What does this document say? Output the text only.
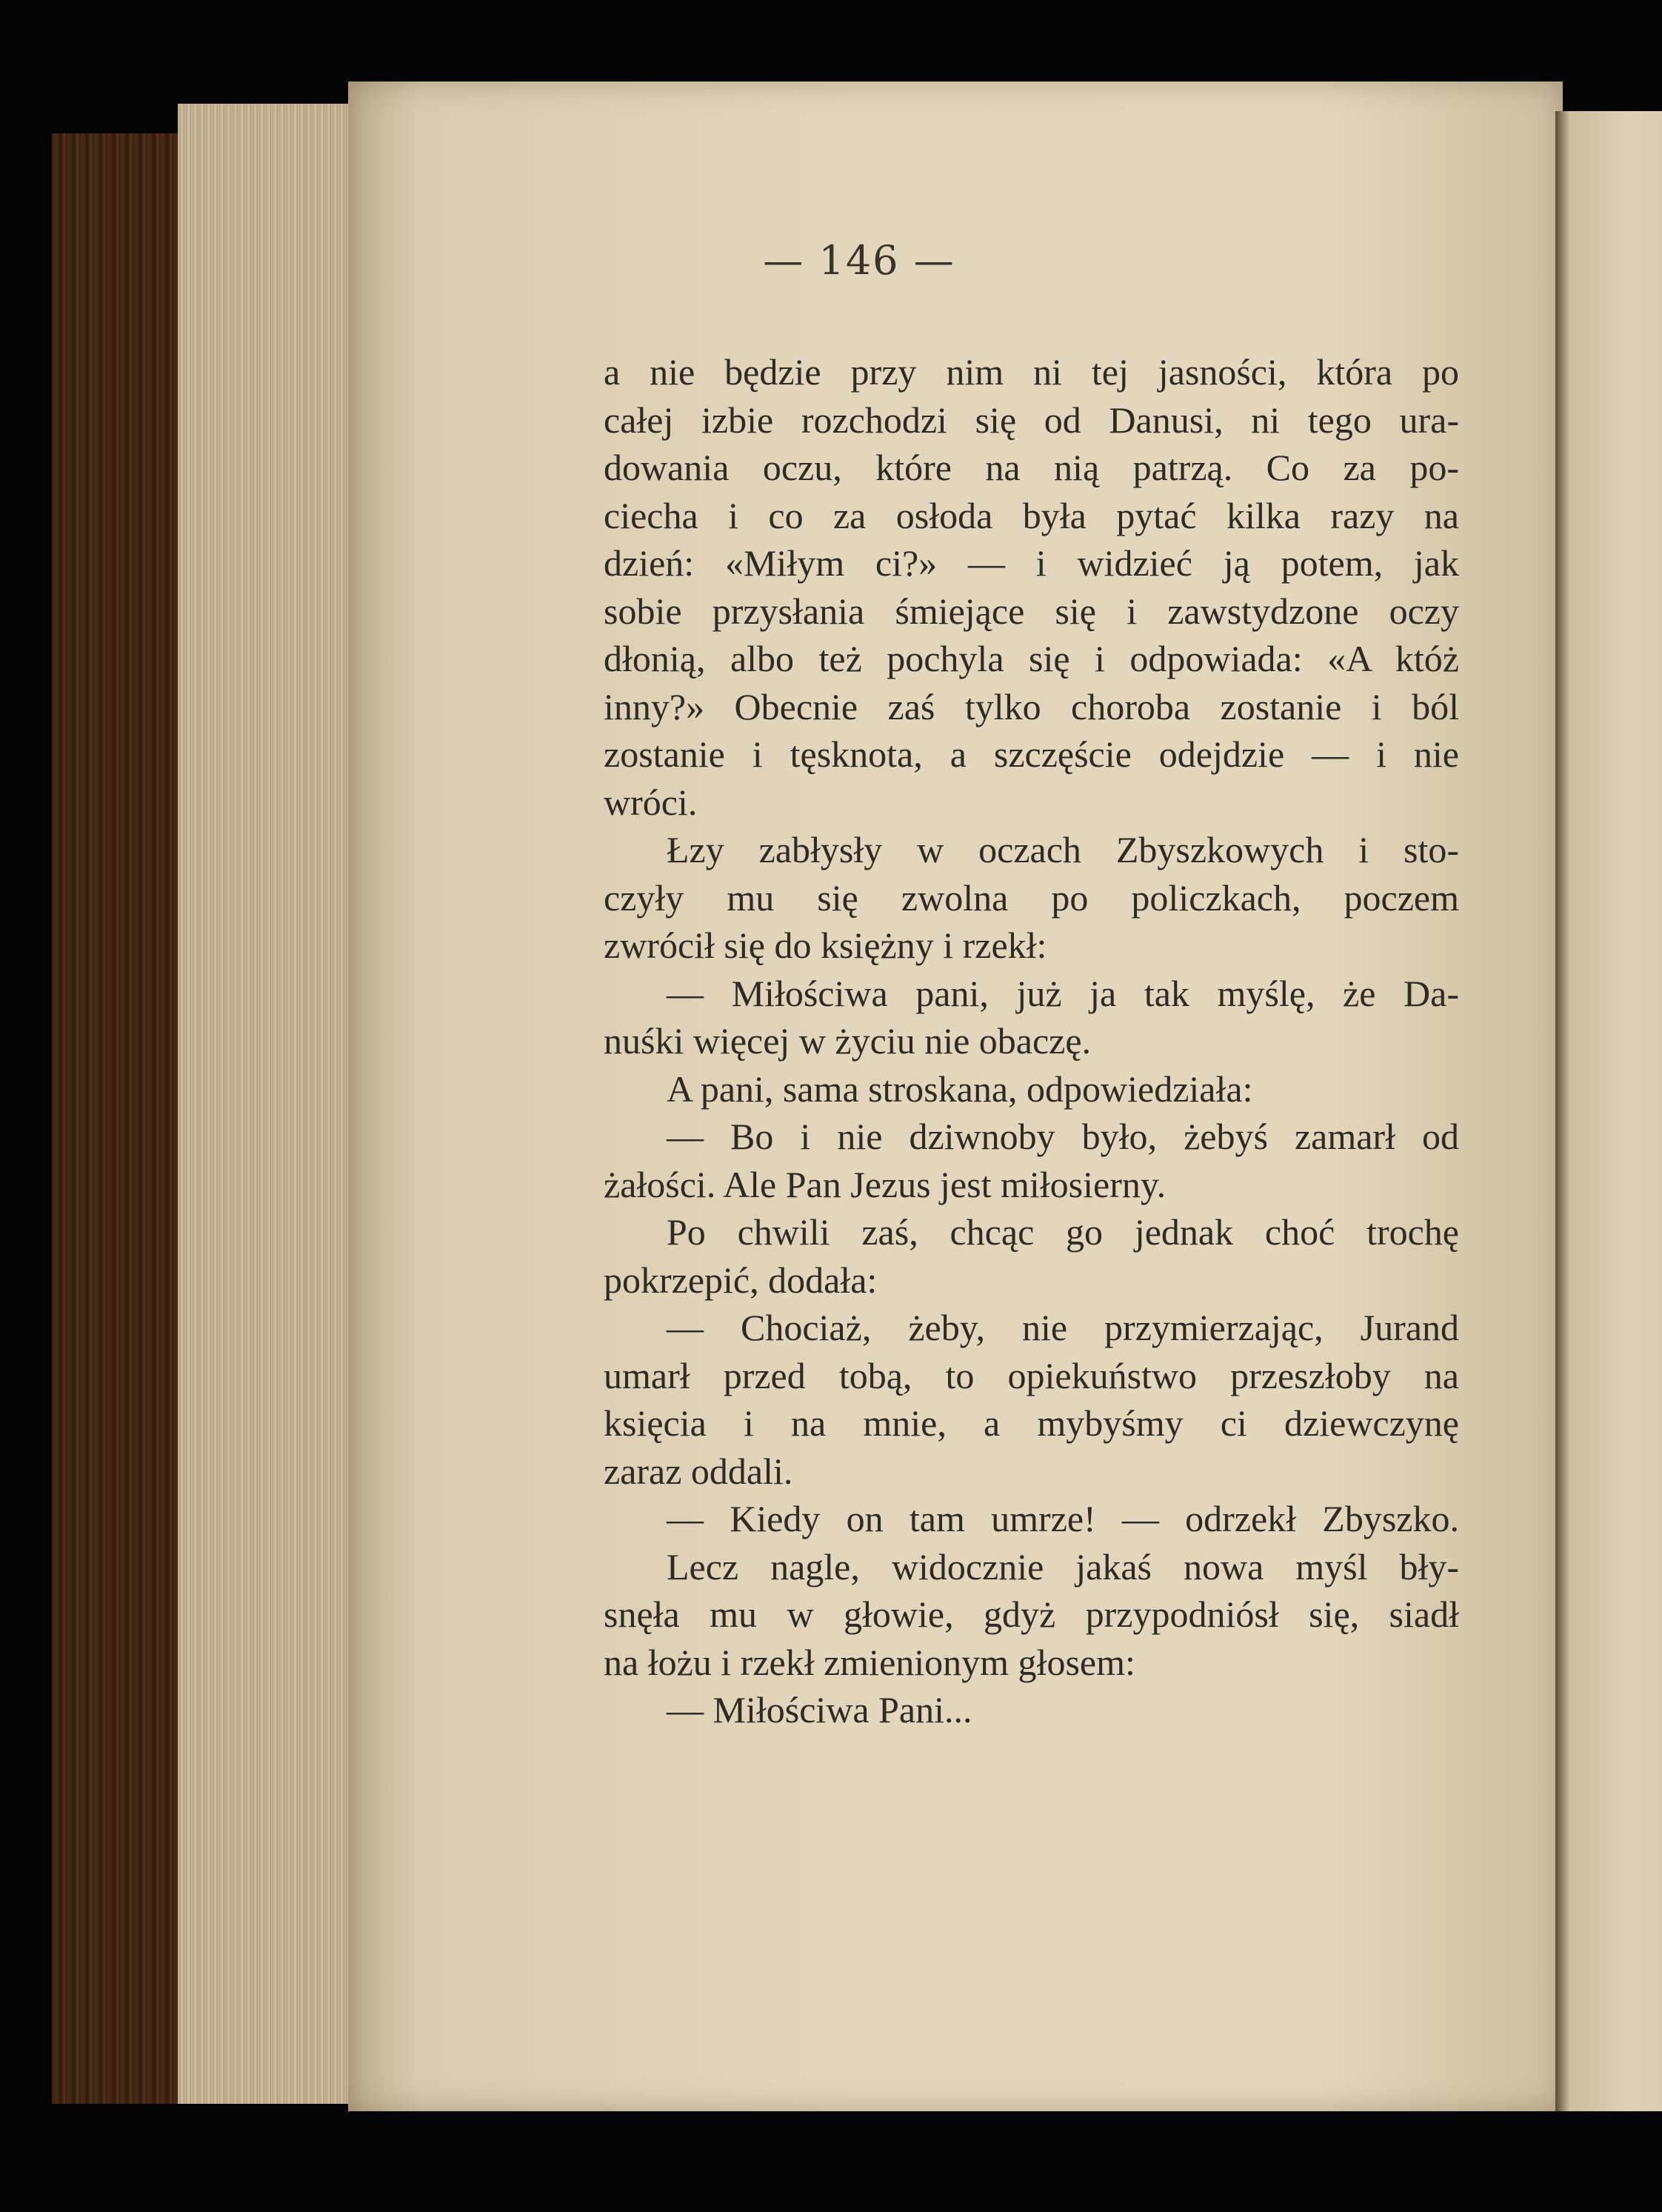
— 146 —
a nie będzie przy nim ni tej jasności, która po
całej izbie rozchodzi się od Danusi, ni tego ura-
dowania oczu, które na nią patrzą. Co za po-
ciecha i co za osłoda była pytać kilka razy na
dzień: «Miłym ci?» — i widzieć ją potem, jak
sobie przysłania śmiejące się i zawstydzone oczy
dłonią, albo też pochyla się i odpowiada: «A któż
inny?» Obecnie zaś tylko choroba zostanie i ból
zostanie i tęsknota, a szczęście odejdzie — i nie
wróci.
Łzy zabłysły w oczach Zbyszkowych i sto-
czyły mu się zwolna po policzkach, poczem
zwrócił się do księżny i rzekł:
— Miłościwa pani, już ja tak myślę, że Da-
nuśki więcej w życiu nie obaczę.
A pani, sama stroskana, odpowiedziała:
— Bo i nie dziwnoby było, żebyś zamarł od
żałości. Ale Pan Jezus jest miłosierny.
Po chwili zaś, chcąc go jednak choć trochę
pokrzepić, dodała:
— Chociaż, żeby, nie przymierzając, Jurand
umarł przed tobą, to opiekuństwo przeszłoby na
księcia i na mnie, a mybyśmy ci dziewczynę
zaraz oddali.
— Kiedy on tam umrze! — odrzekł Zbyszko.
Lecz nagle, widocznie jakaś nowa myśl bły-
snęła mu w głowie, gdyż przypodniósł się, siadł
na łożu i rzekł zmienionym głosem:
— Miłościwa Pani...
